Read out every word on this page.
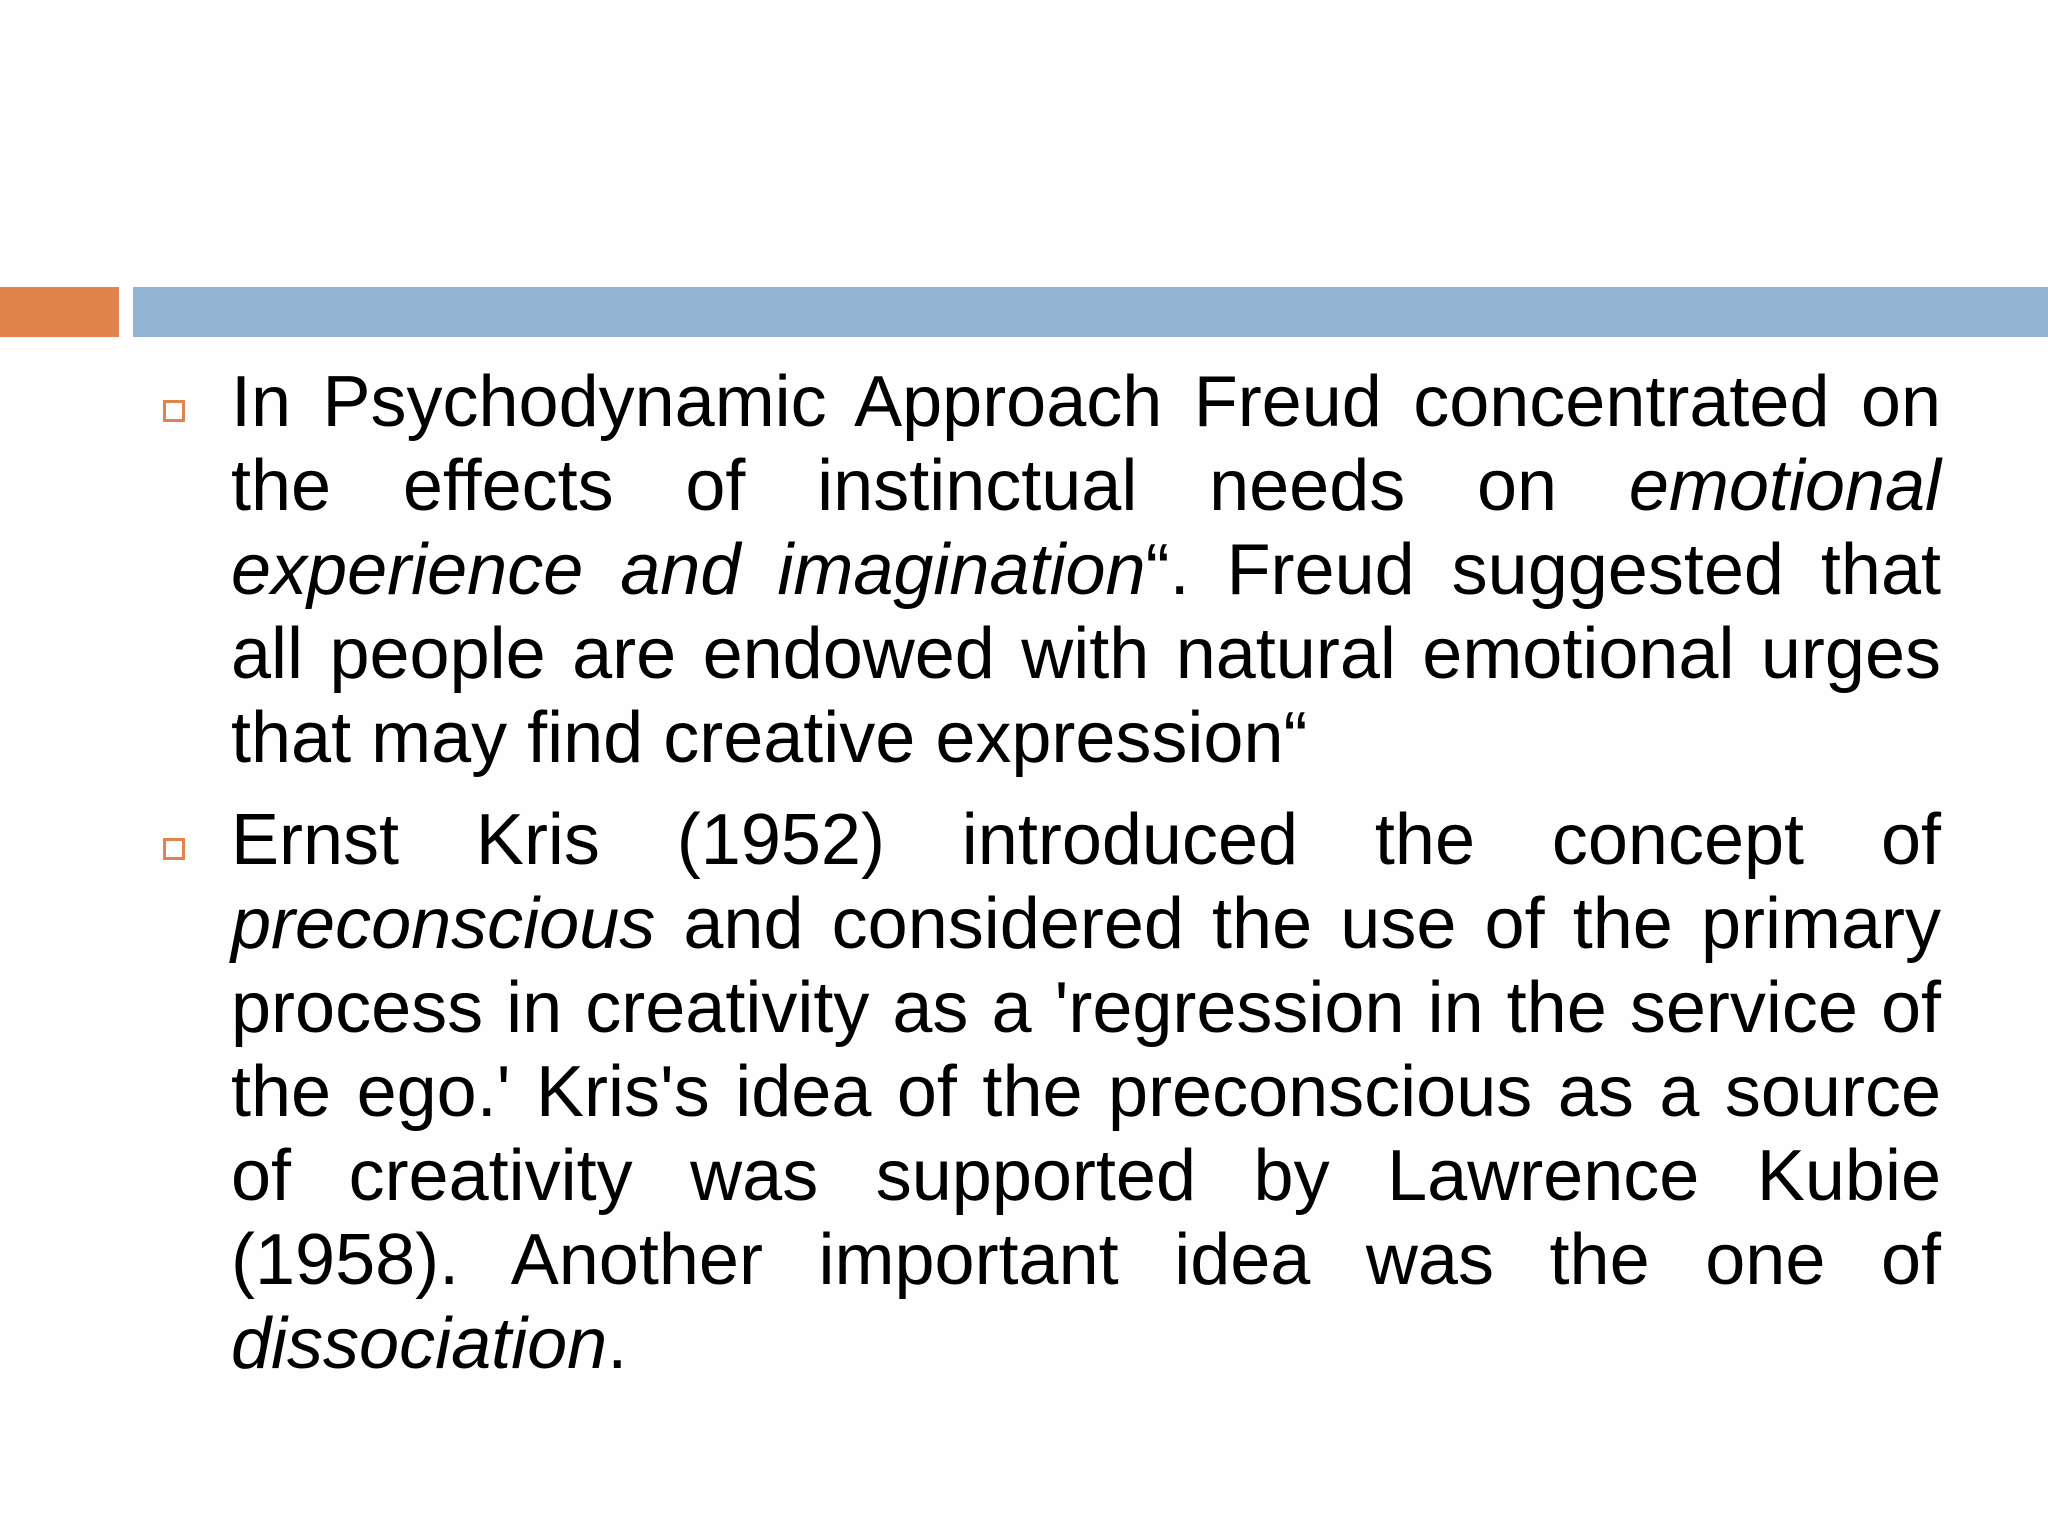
In Psychodynamic Approach Freud concentrated on the effects of instinctual needs on emotional experience and imagination“. Freud suggested that all people are endowed with natural emotional urges that may find creative expression“
Ernst Kris (1952) introduced the concept of preconscious and considered the use of the primary process in creativity as a 'regression in the service of the ego.' Kris's idea of the preconscious as a source of creativity was supported by Lawrence Kubie (1958). Another important idea was the one of dissociation.
